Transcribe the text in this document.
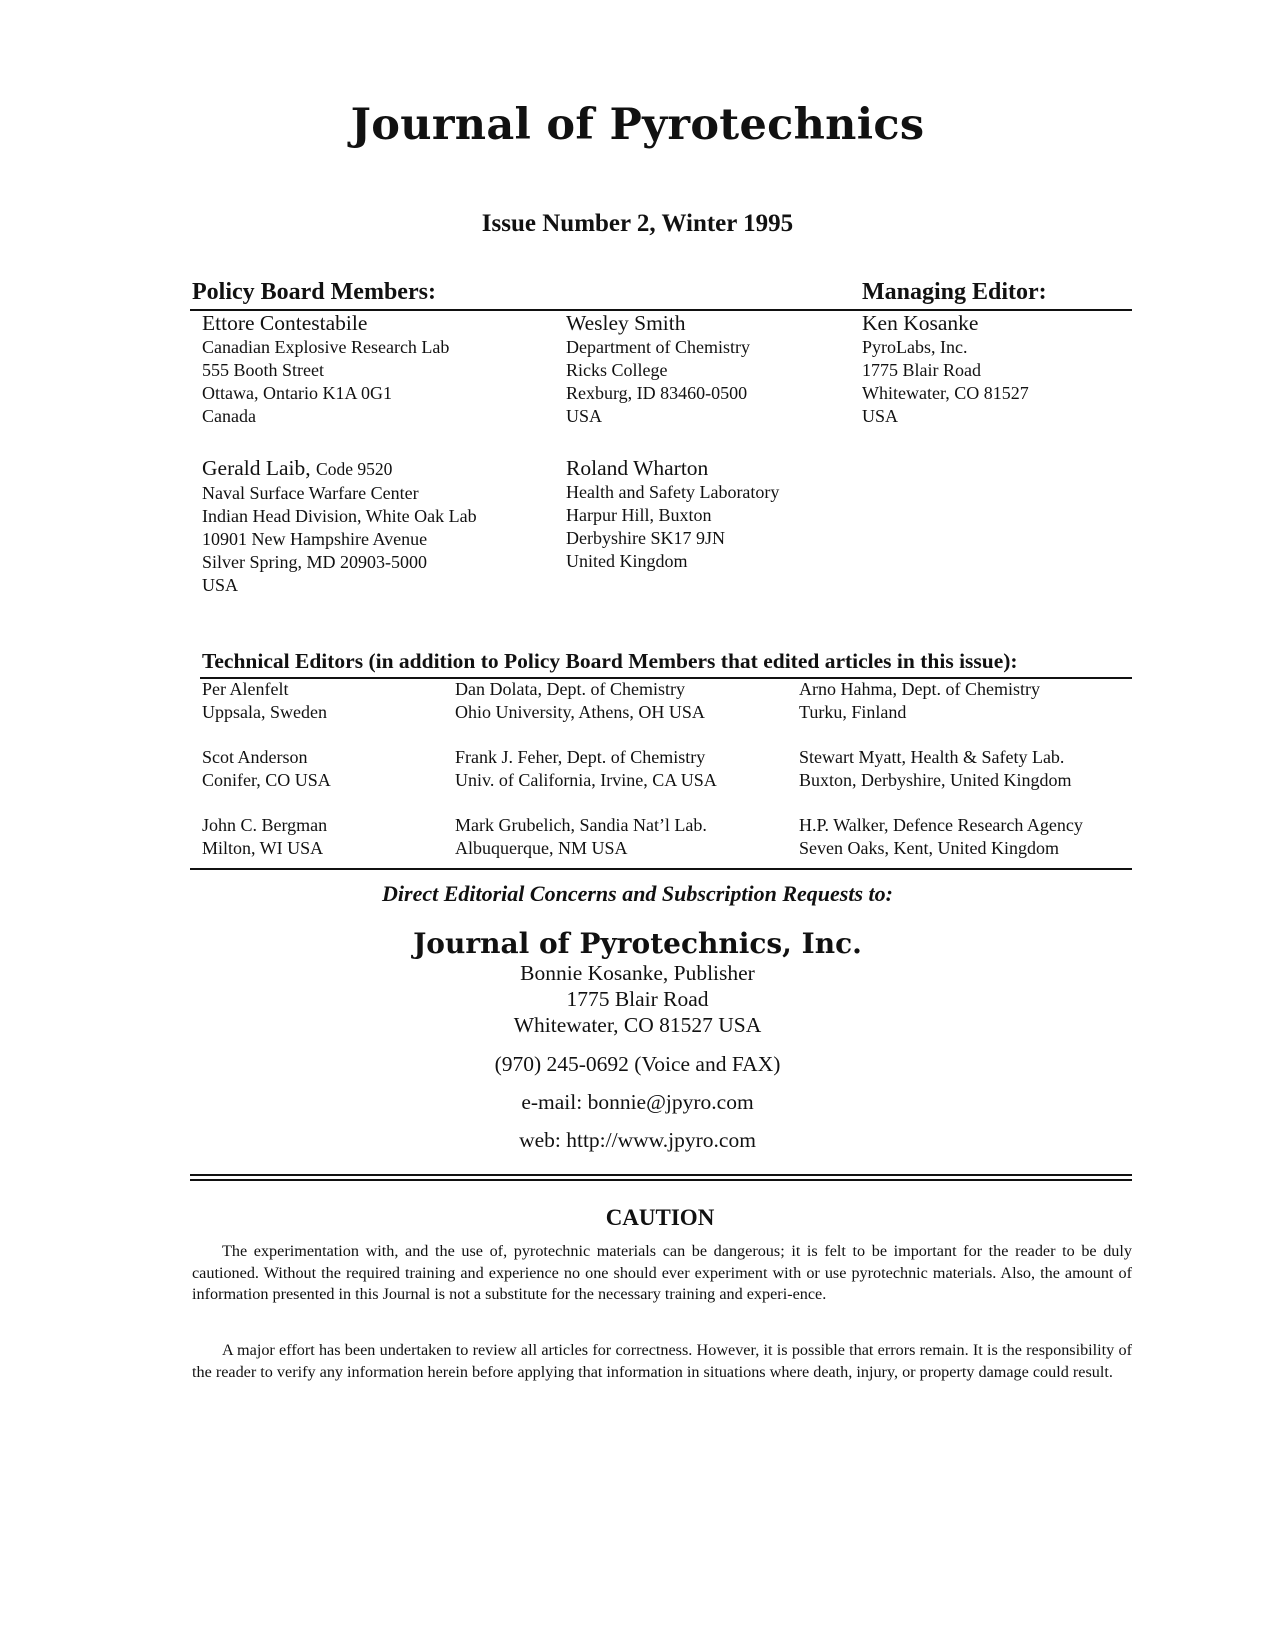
Journal of Pyrotechnics
Issue Number 2, Winter 1995
Policy Board Members:	Managing Editor:
Ettore Contestabile
Canadian Explosive Research Lab
555 Booth Street
Ottawa, Ontario K1A 0G1
Canada
Wesley Smith
Department of Chemistry
Ricks College
Rexburg, ID 83460-0500
USA
Ken Kosanke
PyroLabs, Inc.
1775 Blair Road
Whitewater, CO 81527
USA
Gerald Laib, Code 9520
Naval Surface Warfare Center
Indian Head Division, White Oak Lab
10901 New Hampshire Avenue
Silver Spring, MD 20903-5000
USA
Roland Wharton
Health and Safety Laboratory
Harpur Hill, Buxton
Derbyshire SK17 9JN
United Kingdom
Technical Editors (in addition to Policy Board Members that edited articles in this issue):
Per Alenfelt
Uppsala, Sweden
Dan Dolata, Dept. of Chemistry
Ohio University, Athens, OH USA
Arno Hahma, Dept. of Chemistry
Turku, Finland
Scot Anderson
Conifer, CO USA
Frank J. Feher, Dept. of Chemistry
Univ. of California, Irvine, CA USA
Stewart Myatt, Health & Safety Lab.
Buxton, Derbyshire, United Kingdom
John C. Bergman
Milton, WI USA
Mark Grubelich, Sandia Nat’l Lab.
Albuquerque, NM USA
H.P. Walker, Defence Research Agency
Seven Oaks, Kent, United Kingdom
Direct Editorial Concerns and Subscription Requests to:
Journal of Pyrotechnics, Inc.
Bonnie Kosanke, Publisher
1775 Blair Road
Whitewater, CO 81527 USA
(970) 245-0692 (Voice and FAX)
e-mail: bonnie@jpyro.com
web: http://www.jpyro.com
CAUTION
The experimentation with, and the use of, pyrotechnic materials can be dangerous; it is felt to be important for the reader to be duly cautioned. Without the required training and experience no one should ever experiment with or use pyrotechnic materials. Also, the amount of information presented in this Journal is not a substitute for the necessary training and experi-ence.
A major effort has been undertaken to review all articles for correctness. However, it is possible that errors remain. It is the responsibility of the reader to verify any information herein before applying that information in situations where death, injury, or property damage could result.
